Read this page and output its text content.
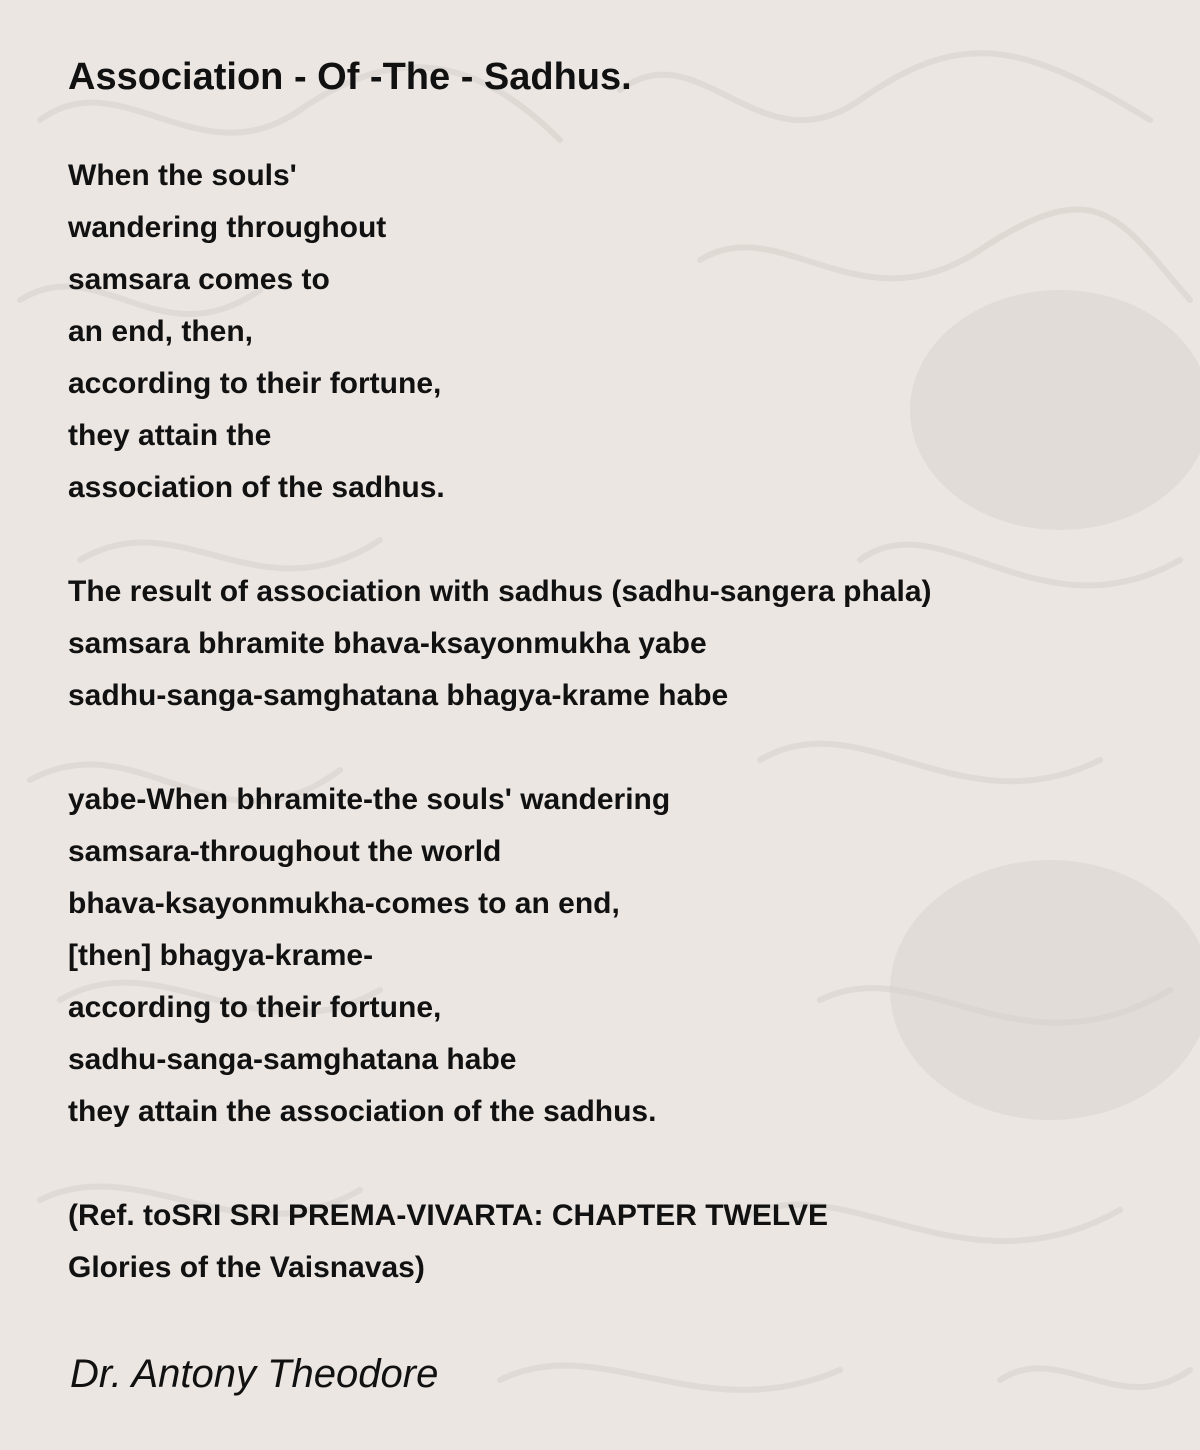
Association - Of -The - Sadhus.
When the souls'
wandering throughout
samsara comes to
an end, then,
according to their fortune,
they attain the
association of the sadhus.
The result of association with sadhus (sadhu-sangera phala)
samsara bhramite bhava-ksayonmukha yabe
sadhu-sanga-samghatana bhagya-krame habe
yabe-When bhramite-the souls' wandering
samsara-throughout the world
bhava-ksayonmukha-comes to an end,
[then] bhagya-krame-
according to their fortune,
sadhu-sanga-samghatana habe
they attain the association of the sadhus.
(Ref. toSRI SRI PREMA-VIVARTA: CHAPTER TWELVE
Glories of the Vaisnavas)

Dr. Antony Theodore
